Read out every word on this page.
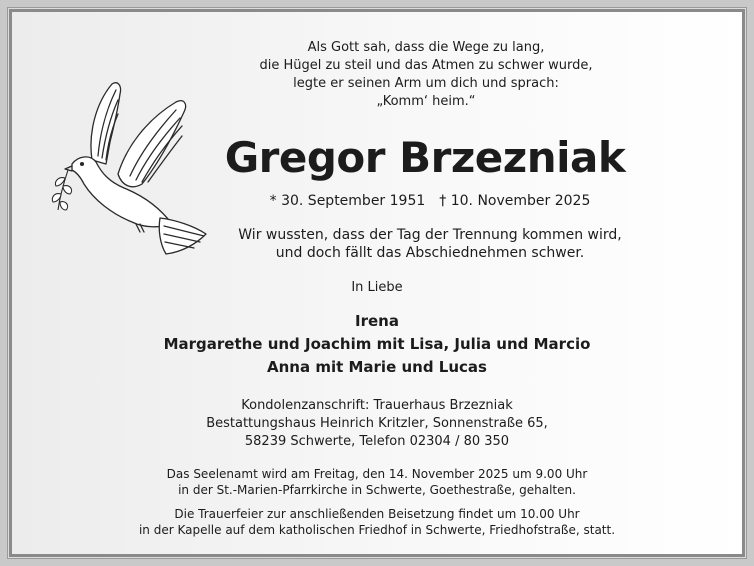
Als Gott sah, dass die Wege zu lang,
die Hügel zu steil und das Atmen zu schwer wurde,
legte er seinen Arm um dich und sprach:
„Komm‘ heim.“
Gregor Brzezniak
* 30. September 1951 † 10. November 2025
Wir wussten, dass der Tag der Trennung kommen wird,
und doch fällt das Abschiednehmen schwer.
In Liebe
Irena
Margarethe und Joachim mit Lisa, Julia und Marcio
Anna mit Marie und Lucas
Kondolenzanschrift: Trauerhaus Brzezniak
Bestattungshaus Heinrich Kritzler, Sonnenstraße 65,
58239 Schwerte, Telefon 02304 / 80 350
Das Seelenamt wird am Freitag, den 14. November 2025 um 9.00 Uhr
in der St.-Marien-Pfarrkirche in Schwerte, Goethestraße, gehalten.
Die Trauerfeier zur anschließenden Beisetzung findet um 10.00 Uhr
in der Kapelle auf dem katholischen Friedhof in Schwerte, Friedhofstraße, statt.
